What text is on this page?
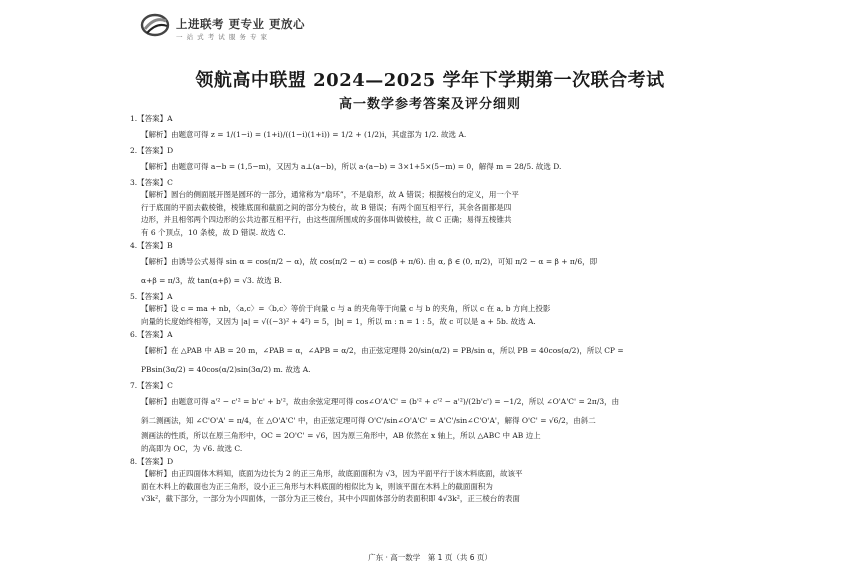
上进联考 更专业 更放心
一 站 式 考 试 服 务 专 家
领航高中联盟 2024—2025 学年下学期第一次联合考试
高一数学参考答案及评分细则
1.【答案】A
【解析】由题意可得 z = 1/(1−i) = (1+i)/((1−i)(1+i)) = 1/2 + (1/2)i，其虚部为 1/2. 故选 A.
2.【答案】D
【解析】由题意可得 a−b = (1,5−m)，又因为 a⊥(a−b)，所以 a·(a−b) = 3×1+5×(5−m) = 0，解得 m = 28/5. 故选 D.
3.【答案】C
【解析】圆台的侧面展开图是圆环的一部分，通常称为“扇环”，不是扇形，故 A 错误；根据棱台的定义，用一个平
行于底面的平面去截棱锥，棱锥底面和截面之间的部分为棱台，故 B 错误；有两个面互相平行，其余各面都是四
边形，并且相邻两个四边形的公共边都互相平行，由这些面所围成的多面体叫做棱柱，故 C 正确；易得五棱锥共
有 6 个顶点，10 条棱，故 D 错误. 故选 C.
4.【答案】B
【解析】由诱导公式易得 sin α = cos(π/2 − α)，故 cos(π/2 − α) = cos(β + π/6). 由 α, β ∈ (0, π/2)，可知 π/2 − α = β + π/6，即
α+β = π/3，故 tan(α+β) = √3. 故选 B.
5.【答案】A
【解析】设 c = ma + nb，〈a,c〉=〈b,c〉等价于向量 c 与 a 的夹角等于向量 c 与 b 的夹角，所以 c 在 a, b 方向上投影
向量的长度始终相等，又因为 |a| = √((−3)² + 4²) = 5，|b| = 1，所以 m : n = 1 : 5，故 c 可以是 a + 5b. 故选 A.
6.【答案】A
【解析】在 △PAB 中 AB = 20 m，∠PAB = α，∠APB = α/2，由正弦定理得 20/sin(α/2) = PB/sin α，所以 PB = 40cos(α/2)，所以 CP =
PBsin(3α/2) = 40cos(α/2)sin(3α/2) m. 故选 A.
7.【答案】C
【解析】由题意可得 a'² − c'² = b'c' + b'²，故由余弦定理可得 cos∠O'A'C' = (b'² + c'² − a'²)/(2b'c') = −1/2，所以 ∠O'A'C' = 2π/3，由
斜二测画法，知 ∠C'O'A' = π/4，在 △O'A'C' 中，由正弦定理可得 O'C'/sin∠O'A'C' = A'C'/sin∠C'O'A'，解得 O'C' = √6/2，由斜二
测画法的性质，所以在原三角形中，OC = 2O'C' = √6，因为原三角形中，AB 依然在 x 轴上，所以 △ABC 中 AB 边上
的高即为 OC，为 √6. 故选 C.
8.【答案】D
【解析】由正四面体木料知，底面为边长为 2 的正三角形，故底面面积为 √3，因为平面平行于该木料底面，故该平
面在木料上的截面也为正三角形，设小正三角形与木料底面的相似比为 k，则该平面在木料上的截面面积为
√3k²，截下部分，一部分为小四面体，一部分为正三棱台，其中小四面体部分的表面积即 4√3k²，正三棱台的表面
广东 · 高一数学　第 1 页（共 6 页）
